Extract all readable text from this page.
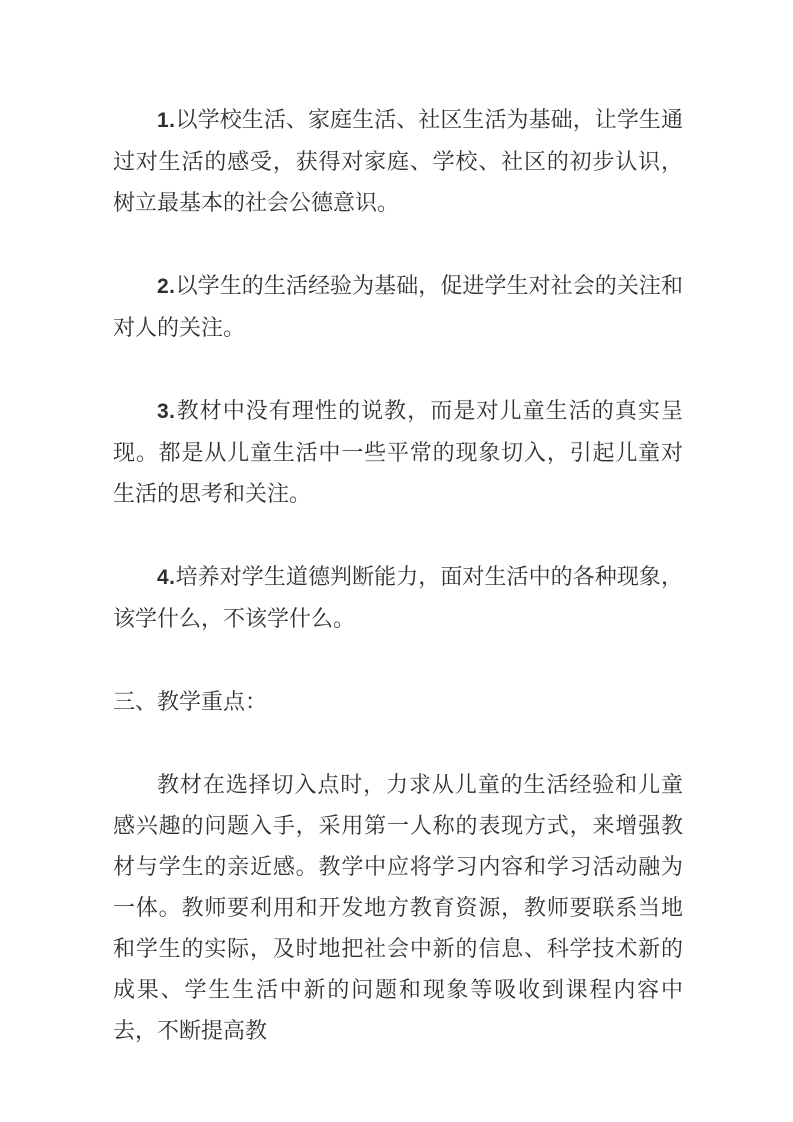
1.以学校生活、家庭生活、社区生活为基础，让学生通过对生活的感受，获得对家庭、学校、社区的初步认识，树立最基本的社会公德意识。

2.以学生的生活经验为基础，促进学生对社会的关注和对人的关注。

3.教材中没有理性的说教，而是对儿童生活的真实呈现。都是从儿童生活中一些平常的现象切入，引起儿童对生活的思考和关注。

4.培养对学生道德判断能力，面对生活中的各种现象，该学什么，不该学什么。

三、教学重点：

教材在选择切入点时，力求从儿童的生活经验和儿童感兴趣的问题入手，采用第一人称的表现方式，来增强教材与学生的亲近感。教学中应将学习内容和学习活动融为一体。教师要利用和开发地方教育资源，教师要联系当地和学生的实际，及时地把社会中新的信息、科学技术新的成果、学生生活中新的问题和现象等吸收到课程内容中去，不断提高教
